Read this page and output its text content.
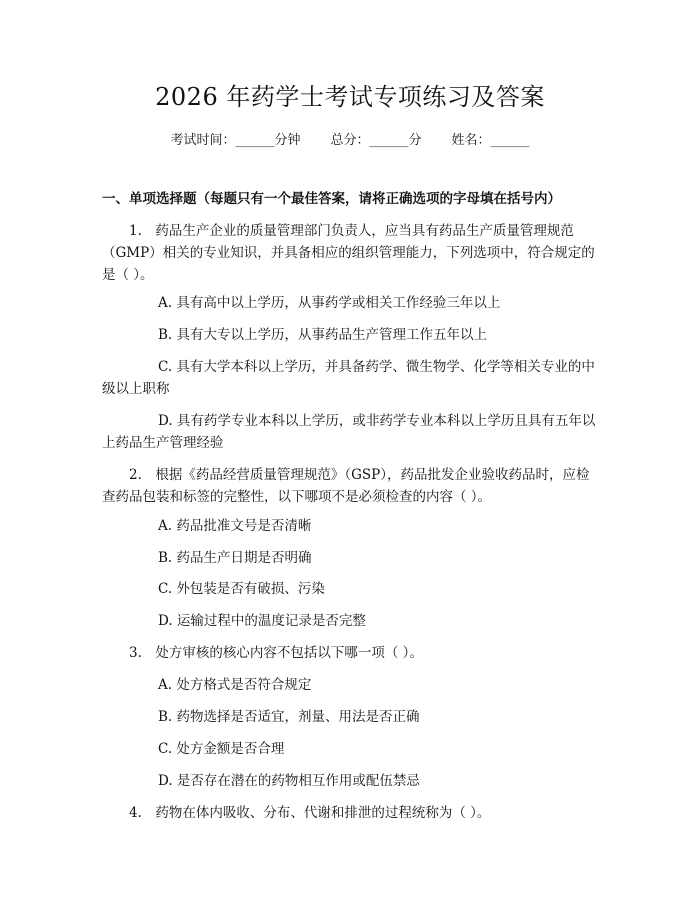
2026 年药学士考试专项练习及答案
考试时间：______分钟 总分：______分 姓名：______
一、单项选择题（每题只有一个最佳答案，请将正确选项的字母填在括号内）

1.　药品生产企业的质量管理部门负责人，应当具有药品生产质量管理规范（GMP）相关的专业知识，并具备相应的组织管理能力，下列选项中，符合规定的是（ ）。

A. 具有高中以上学历，从事药学或相关工作经验三年以上

B. 具有大专以上学历，从事药品生产管理工作五年以上

C. 具有大学本科以上学历，并具备药学、微生物学、化学等相关专业的中级以上职称

D. 具有药学专业本科以上学历，或非药学专业本科以上学历且具有五年以上药品生产管理经验

2.　根据《药品经营质量管理规范》（GSP），药品批发企业验收药品时，应检查药品包装和标签的完整性，以下哪项不是必须检查的内容（ ）。

A. 药品批准文号是否清晰

B. 药品生产日期是否明确

C. 外包装是否有破损、污染

D. 运输过程中的温度记录是否完整

3.　处方审核的核心内容不包括以下哪一项（ ）。

A. 处方格式是否符合规定

B. 药物选择是否适宜，剂量、用法是否正确

C. 处方金额是否合理

D. 是否存在潜在的药物相互作用或配伍禁忌

4.　药物在体内吸收、分布、代谢和排泄的过程统称为（ ）。
